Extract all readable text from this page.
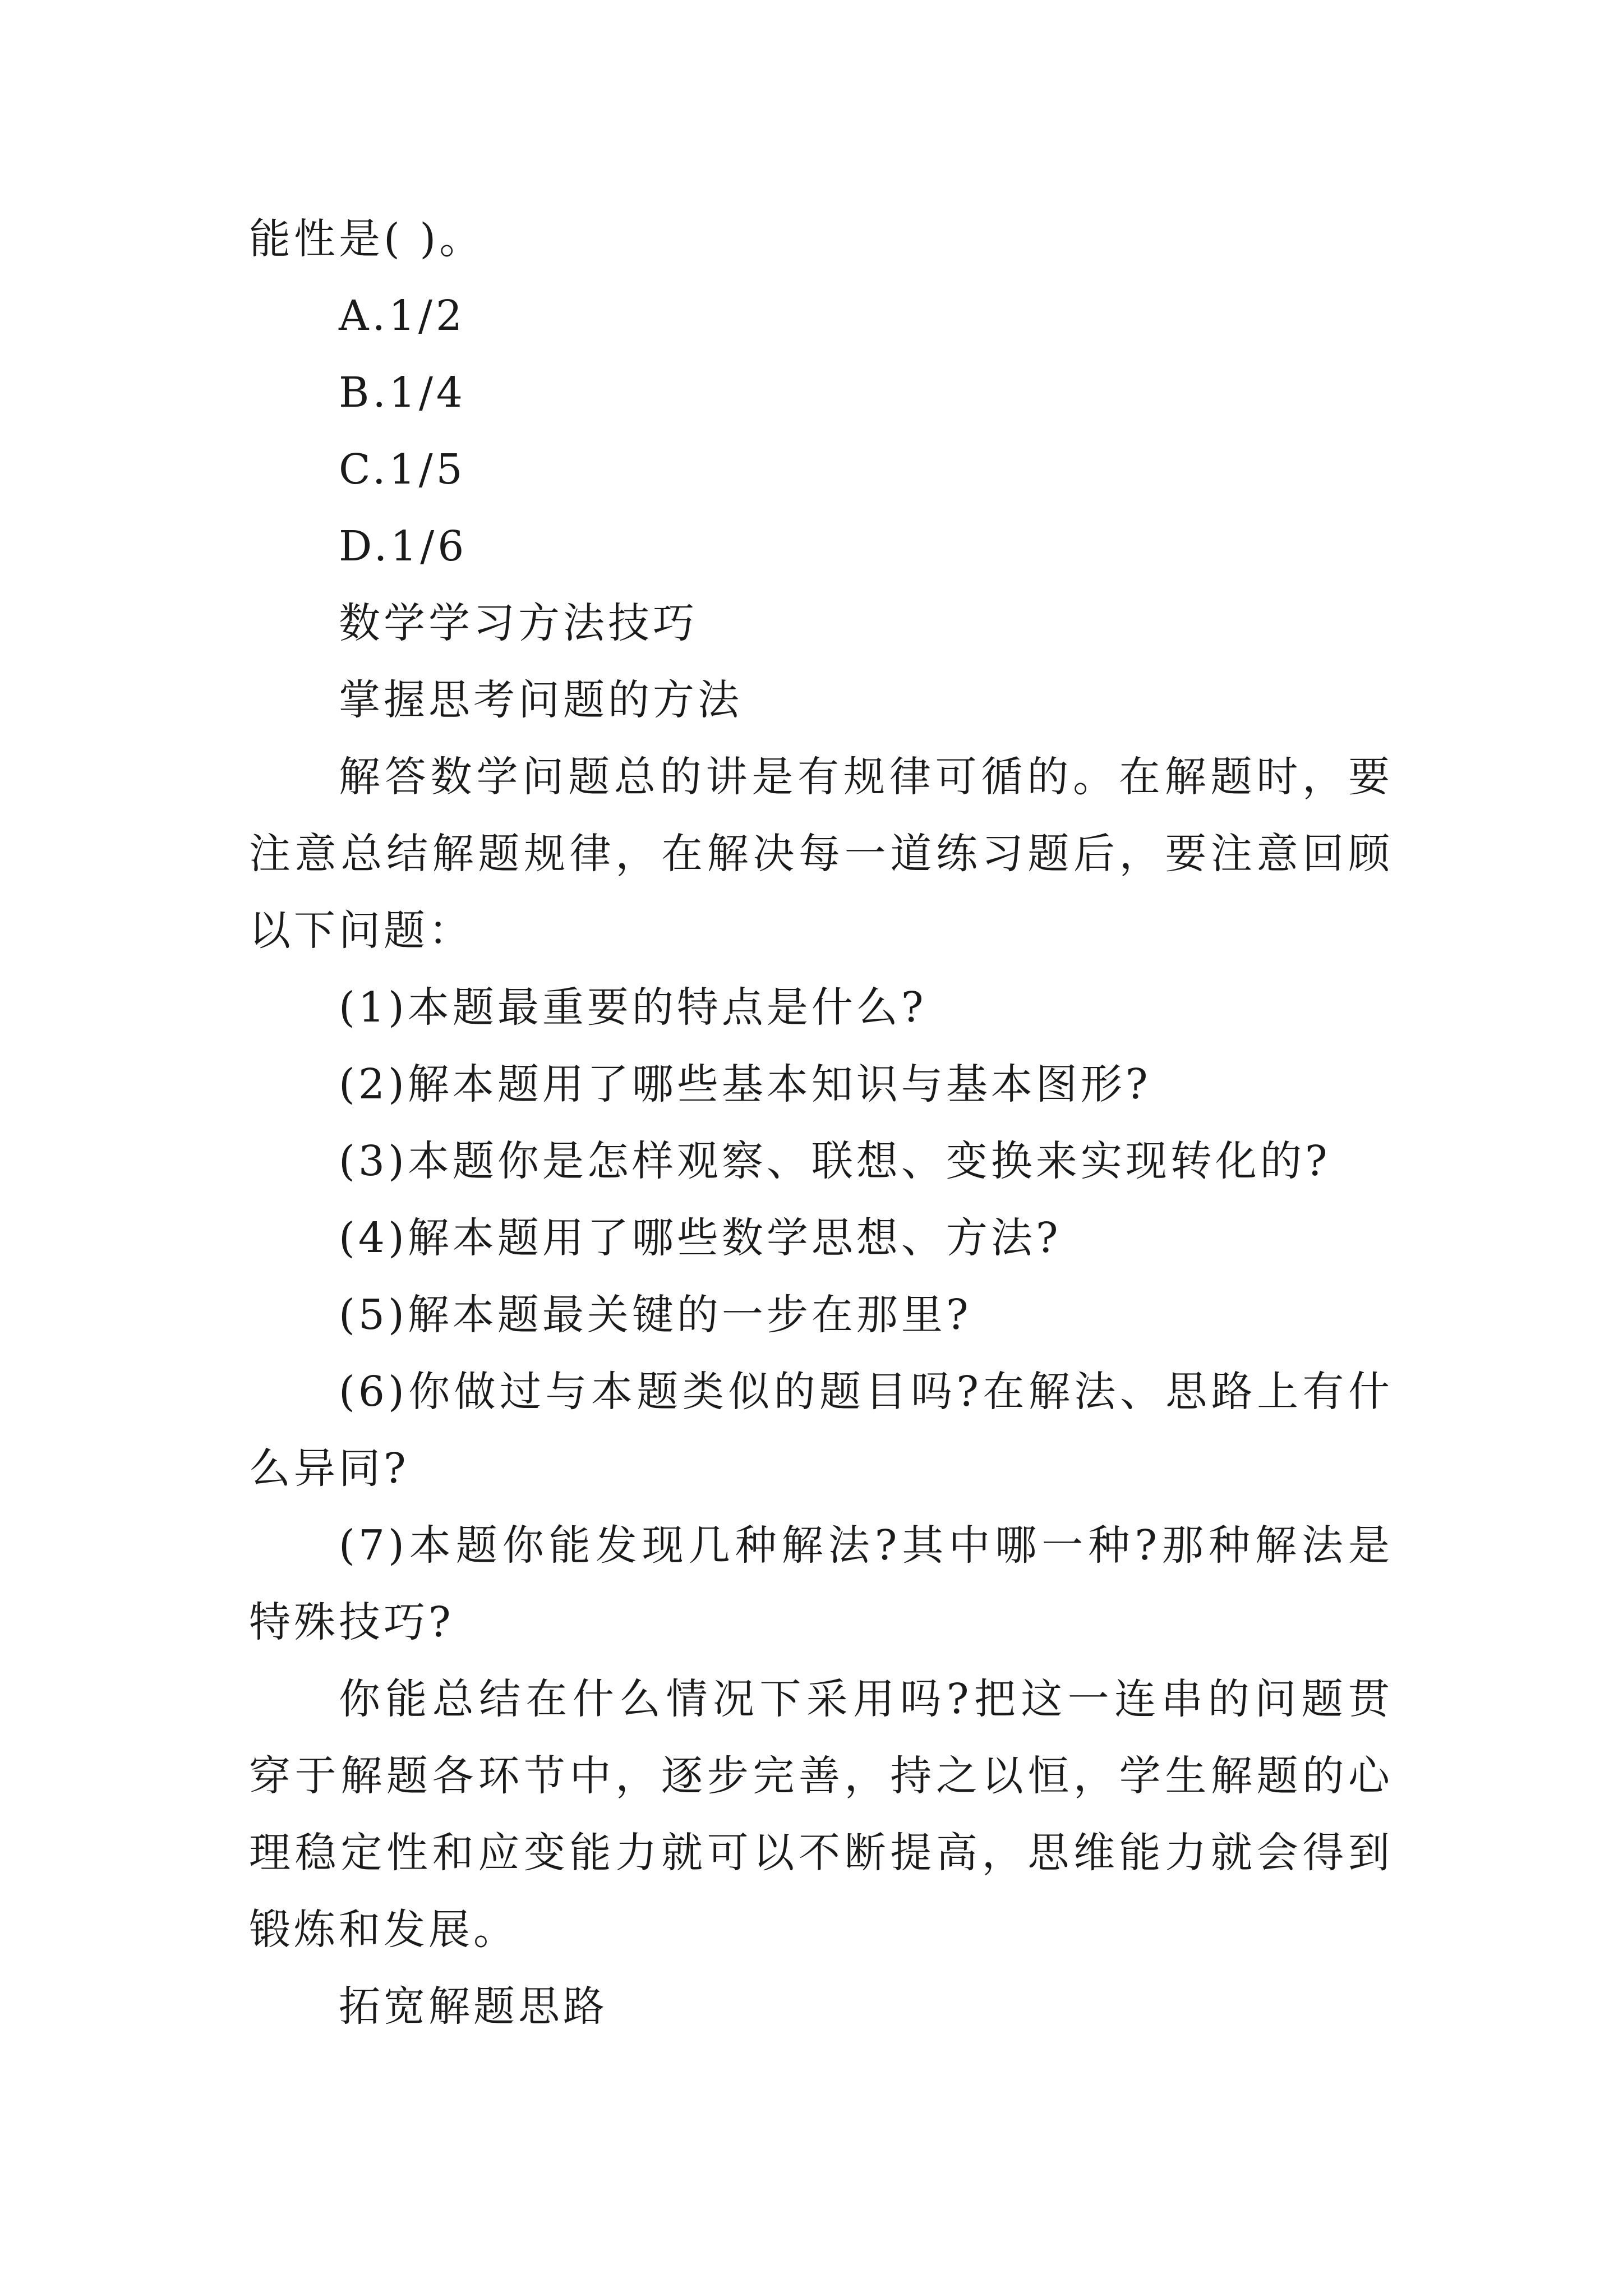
能性是( )。

A.1/2

B.1/4

C.1/5

D.1/6

数学学习方法技巧

掌握思考问题的方法

解答数学问题总的讲是有规律可循的。在解题时，要注意总结解题规律，在解决每一道练习题后，要注意回顾以下问题：

(1)本题最重要的特点是什么?

(2)解本题用了哪些基本知识与基本图形?

(3)本题你是怎样观察、联想、变换来实现转化的?

(4)解本题用了哪些数学思想、方法?

(5)解本题最关键的一步在那里?

(6)你做过与本题类似的题目吗?在解法、思路上有什么异同?

(7)本题你能发现几种解法?其中哪一种?那种解法是特殊技巧?

你能总结在什么情况下采用吗?把这一连串的问题贯穿于解题各环节中，逐步完善，持之以恒，学生解题的心理稳定性和应变能力就可以不断提高，思维能力就会得到锻炼和发展。

拓宽解题思路
